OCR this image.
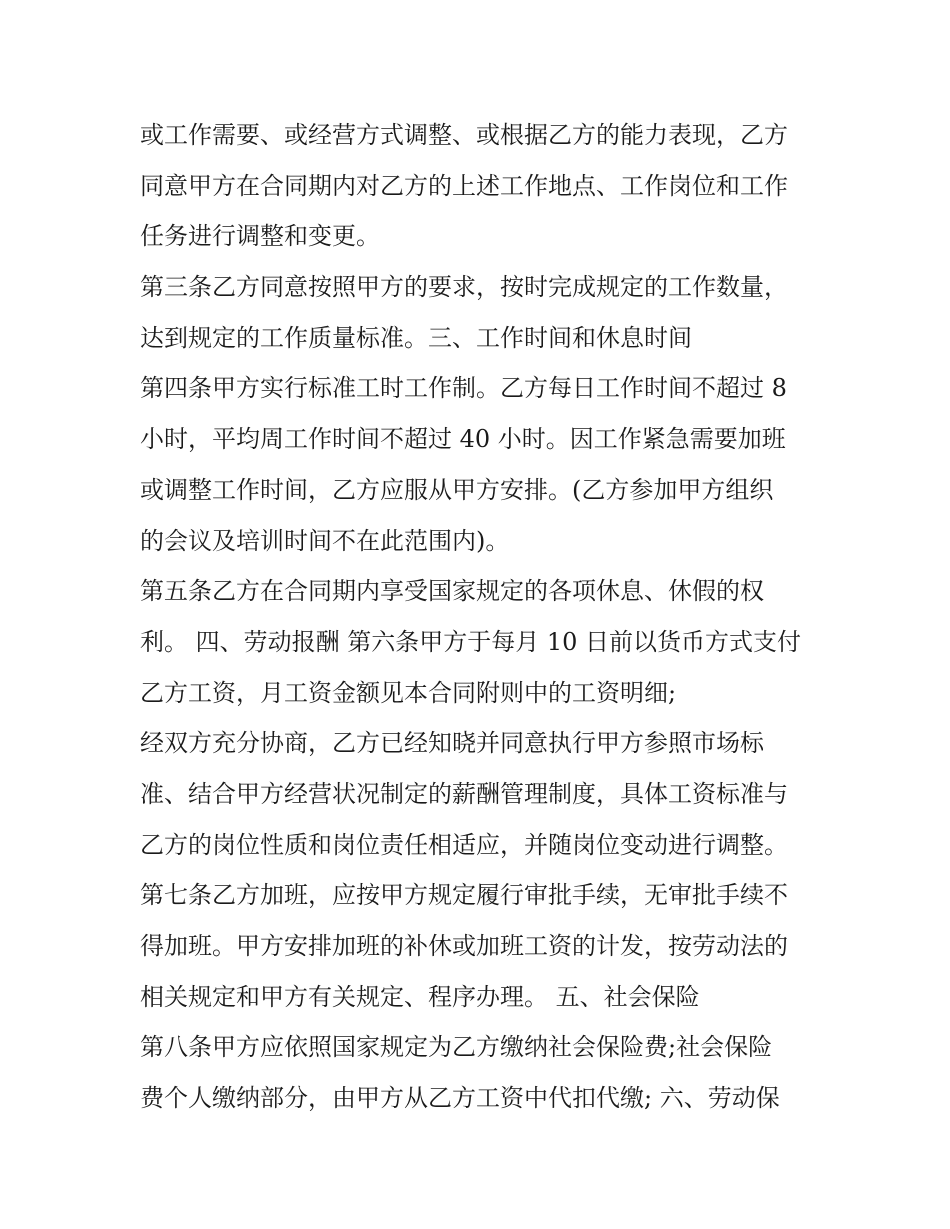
或工作需要、或经营方式调整、或根据乙方的能力表现，乙方
同意甲方在合同期内对乙方的上述工作地点、工作岗位和工作
任务进行调整和变更。
第三条乙方同意按照甲方的要求，按时完成规定的工作数量，
达到规定的工作质量标准。三、工作时间和休息时间
第四条甲方实行标准工时工作制。乙方每日工作时间不超过 8
小时，平均周工作时间不超过 40 小时。因工作紧急需要加班
或调整工作时间，乙方应服从甲方安排。(乙方参加甲方组织
的会议及培训时间不在此范围内)。
第五条乙方在合同期内享受国家规定的各项休息、休假的权
利。 四、劳动报酬 第六条甲方于每月 10 日前以货币方式支付
乙方工资，月工资金额见本合同附则中的工资明细;
经双方充分协商，乙方已经知晓并同意执行甲方参照市场标
准、结合甲方经营状况制定的薪酬管理制度，具体工资标准与
乙方的岗位性质和岗位责任相适应，并随岗位变动进行调整。
第七条乙方加班，应按甲方规定履行审批手续，无审批手续不
得加班。甲方安排加班的补休或加班工资的计发，按劳动法的
相关规定和甲方有关规定、程序办理。 五、社会保险
第八条甲方应依照国家规定为乙方缴纳社会保险费;社会保险
费个人缴纳部分，由甲方从乙方工资中代扣代缴; 六、劳动保
